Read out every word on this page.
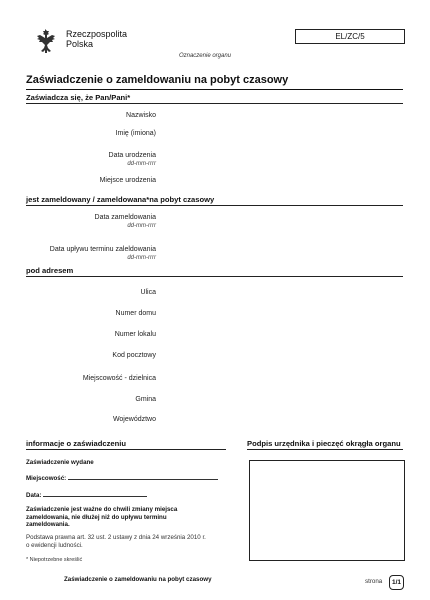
Rzeczpospolita
Polska
EL/ZC/5
Oznaczenie organu
Zaświadczenie o zameldowaniu na pobyt czasowy
Zaświadcza się, że Pan/Pani*
Nazwisko
Imię (imiona)
Data urodzenia
dd-mm-rrrr
Miejsce urodzenia
jest zameldowany / zameldowana*na pobyt czasowy
Data zameldowania
dd-mm-rrrr
Data upływu terminu zaleldowania
dd-mm-rrrr
pod adresem
Ulica
Numer domu
Numer lokalu
Kod pocztowy
Miejscowość - dzielnica
Gmina
Województwo
informacje o zaświadczeniu	Podpis urzędnika i pieczęć okrągła organu
Zaświadczenie wydane
Miejscowość:
Data:
Zaświadczenie jest ważne do chwili zmiany miejsca zameldowania, nie dłużej niż do upływu terminu zameldowania.
Podstawa prawna art. 32 ust. 2 ustawy z dnia 24 września 2010 r. o ewidencji ludności.
* Niepotrzebne skreślić
Zaświadczenie o zameldowaniu na pobyt czasowy	strona	1/1
